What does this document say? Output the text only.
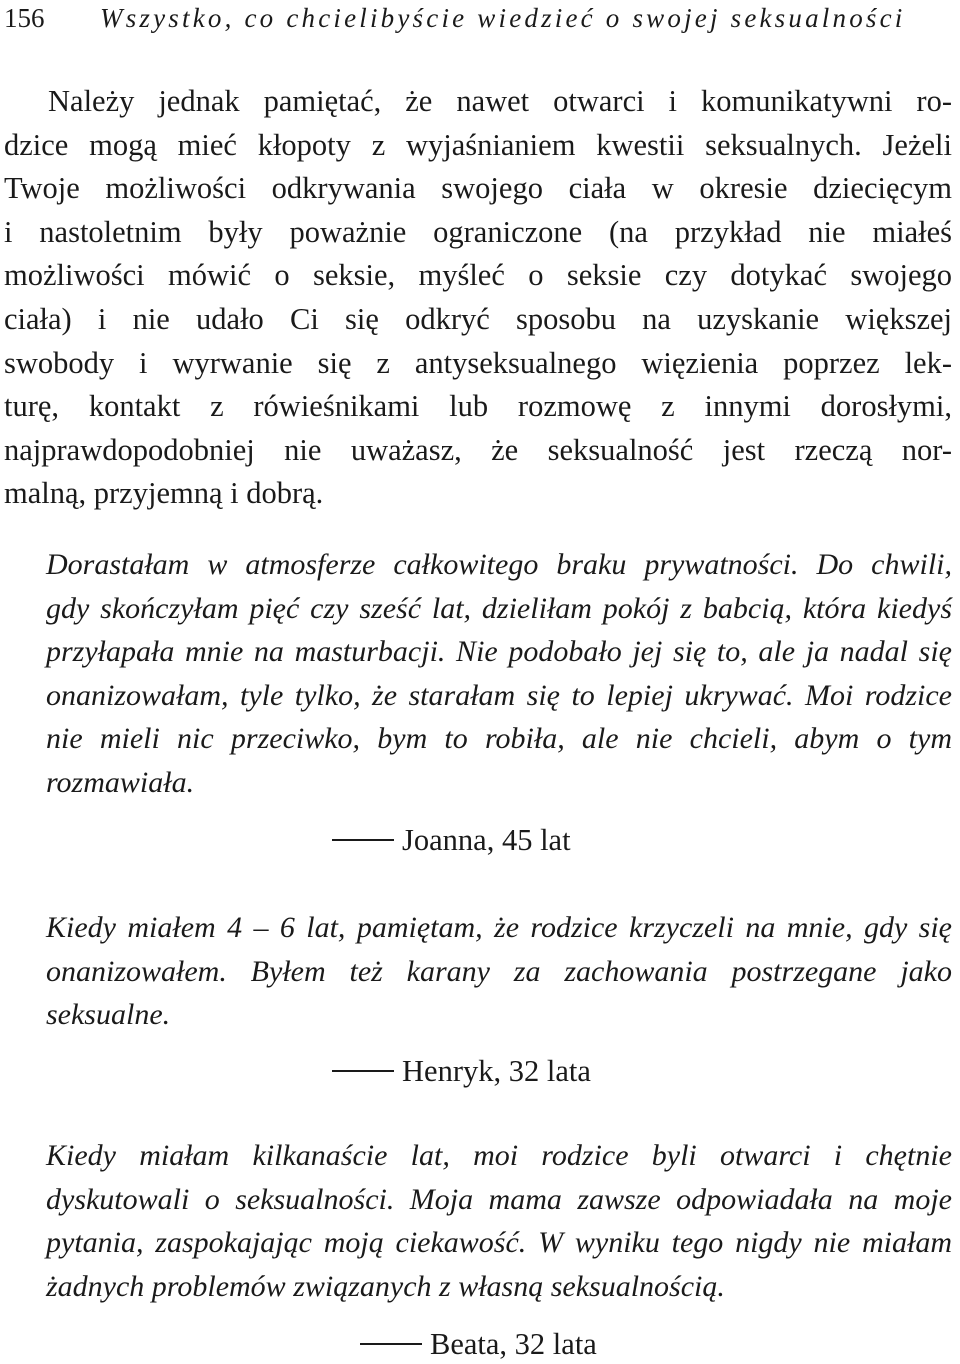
156 Wszystko, co chcielibyście wiedzieć o swojej seksualności

Należy jednak pamiętać, że nawet otwarci i komunikatywni ro-
dzice mogą mieć kłopoty z wyjaśnianiem kwestii seksualnych. Jeżeli
Twoje możliwości odkrywania swojego ciała w okresie dziecięcym
i nastoletnim były poważnie ograniczone (na przykład nie miałeś
możliwości mówić o seksie, myśleć o seksie czy dotykać swojego
ciała) i nie udało Ci się odkryć sposobu na uzyskanie większej
swobody i wyrwanie się z antyseksualnego więzienia poprzez lek-
turę, kontakt z rówieśnikami lub rozmowę z innymi dorosłymi,
najprawdopodobniej nie uważasz, że seksualność jest rzeczą nor-
malną, przyjemną i dobrą.

Dorastałam w atmosferze całkowitego braku prywatności. Do chwili,
gdy skończyłam pięć czy sześć lat, dzieliłam pokój z babcią, która kiedyś
przyłapała mnie na masturbacji. Nie podobało jej się to, ale ja nadal się
onanizowałam, tyle tylko, że starałam się to lepiej ukrywać. Moi rodzice
nie mieli nic przeciwko, bym to robiła, ale nie chcieli, abym o tym
rozmawiała.

Joanna, 45 lat

Kiedy miałem 4 – 6 lat, pamiętam, że rodzice krzyczeli na mnie, gdy się
onanizowałem. Byłem też karany za zachowania postrzegane jako
seksualne.

Henryk, 32 lata

Kiedy miałam kilkanaście lat, moi rodzice byli otwarci i chętnie
dyskutowali o seksualności. Moja mama zawsze odpowiadała na moje
pytania, zaspokajając moją ciekawość. W wyniku tego nigdy nie miałam
żadnych problemów związanych z własną seksualnością.

Beata, 32 lata
